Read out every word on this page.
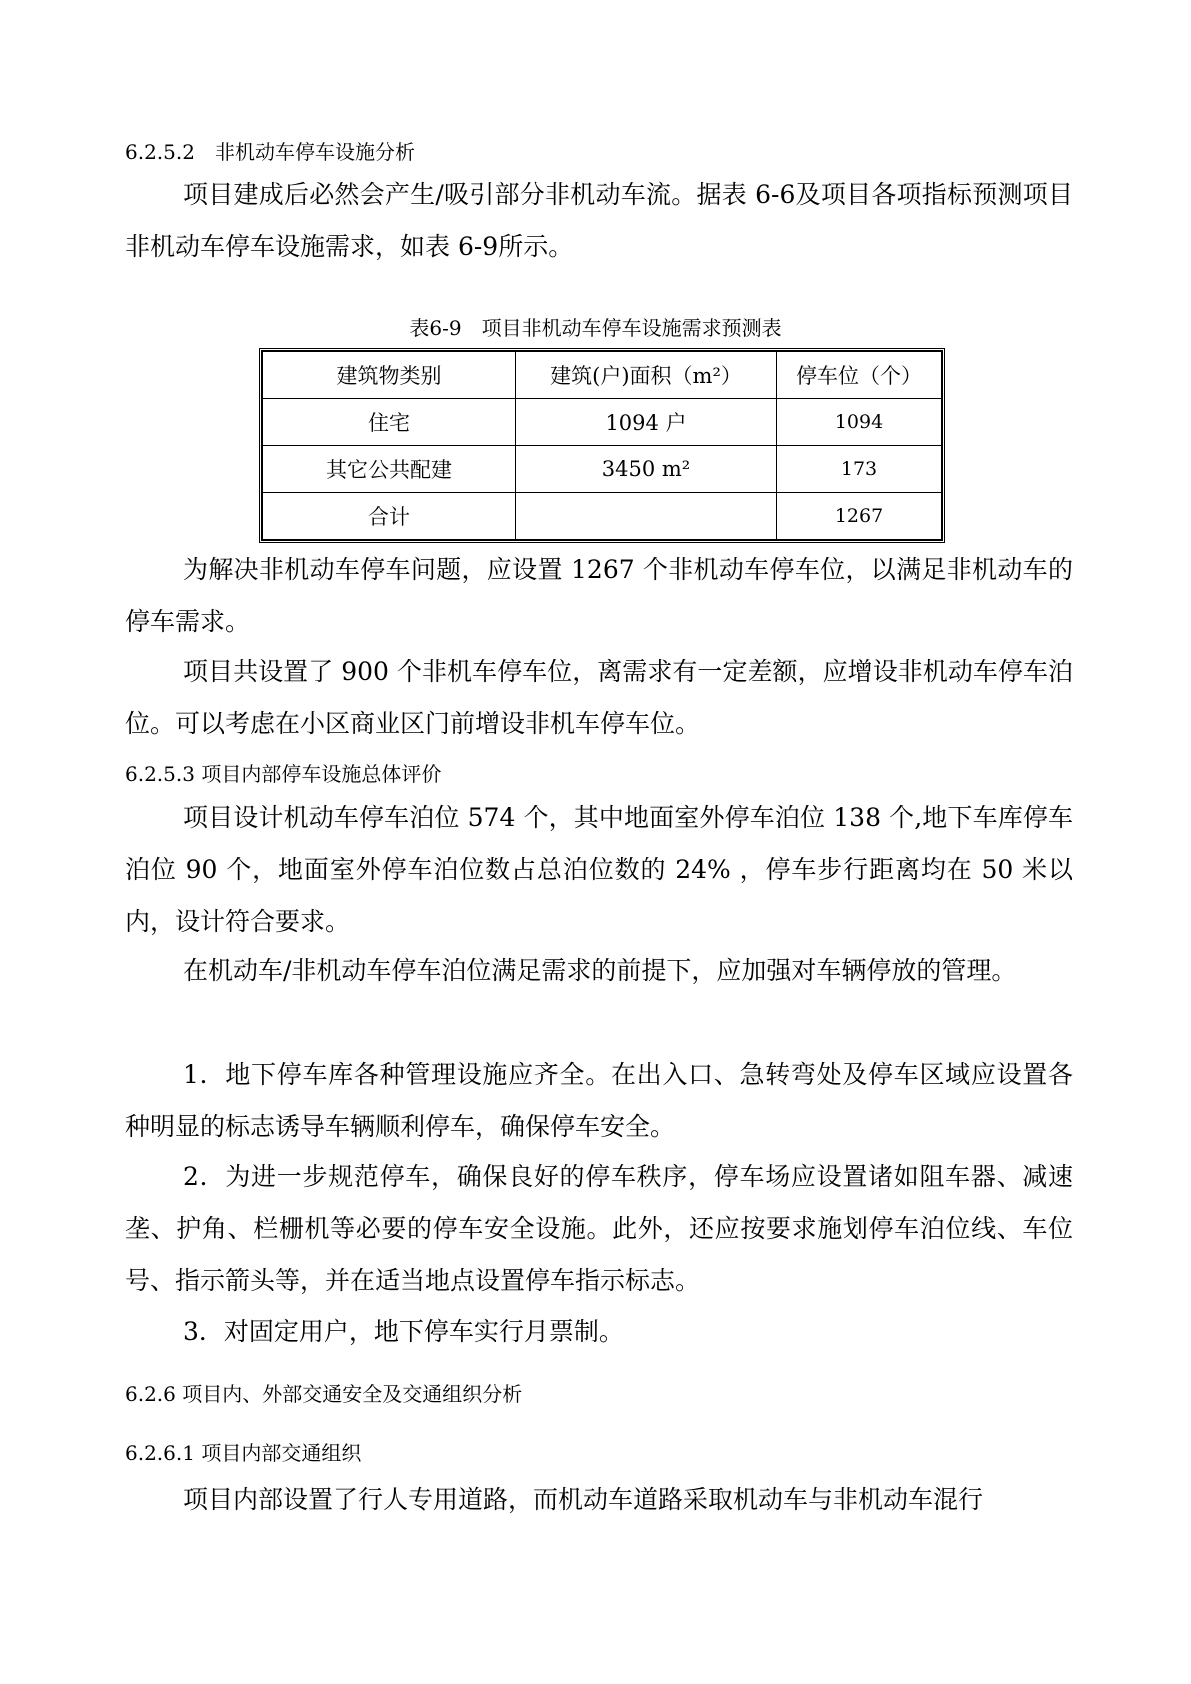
6.2.5.2　非机动车停车设施分析
项目建成后必然会产生/吸引部分非机动车流。据表 6-6及项目各项指标预测项目非机动车停车设施需求，如表 6-9所示。
表6-9　项目非机动车停车设施需求预测表
建筑物类别	建筑(户)面积（m²）	停车位（个）
住宅	1094 户	1094
其它公共配建	3450 m²	173
合计		1267
为解决非机动车停车问题，应设置 1267 个非机动车停车位，以满足非机动车的停车需求。
项目共设置了 900 个非机车停车位，离需求有一定差额，应增设非机动车停车泊位。可以考虑在小区商业区门前增设非机车停车位。
6.2.5.3 项目内部停车设施总体评价
项目设计机动车停车泊位 574 个，其中地面室外停车泊位 138 个,地下车库停车泊位 90 个，地面室外停车泊位数占总泊位数的 24% ，停车步行距离均在 50 米以内，设计符合要求。
在机动车/非机动车停车泊位满足需求的前提下，应加强对车辆停放的管理。
1．地下停车库各种管理设施应齐全。在出入口、急转弯处及停车区域应设置各种明显的标志诱导车辆顺利停车，确保停车安全。
2．为进一步规范停车，确保良好的停车秩序，停车场应设置诸如阻车器、减速垄、护角、栏栅机等必要的停车安全设施。此外，还应按要求施划停车泊位线、车位号、指示箭头等，并在适当地点设置停车指示标志。
3．对固定用户，地下停车实行月票制。
6.2.6 项目内、外部交通安全及交通组织分析
6.2.6.1 项目内部交通组织
项目内部设置了行人专用道路，而机动车道路采取机动车与非机动车混行
